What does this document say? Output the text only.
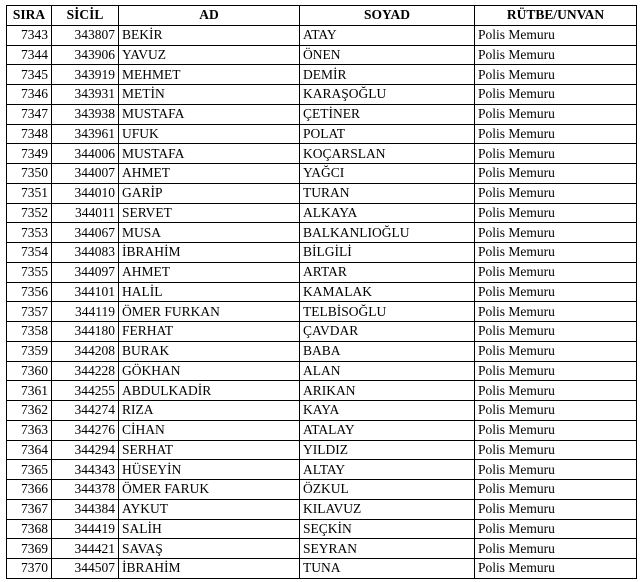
SIRA	SİCİL	AD	SOYAD	RÜTBE/UNVAN
7343	343807	BEKİR	ATAY	Polis Memuru
7344	343906	YAVUZ	ÖNEN	Polis Memuru
7345	343919	MEHMET	DEMİR	Polis Memuru
7346	343931	METİN	KARAŞOĞLU	Polis Memuru
7347	343938	MUSTAFA	ÇETİNER	Polis Memuru
7348	343961	UFUK	POLAT	Polis Memuru
7349	344006	MUSTAFA	KOÇARSLAN	Polis Memuru
7350	344007	AHMET	YAĞCI	Polis Memuru
7351	344010	GARİP	TURAN	Polis Memuru
7352	344011	SERVET	ALKAYA	Polis Memuru
7353	344067	MUSA	BALKANLIOĞLU	Polis Memuru
7354	344083	İBRAHİM	BİLGİLİ	Polis Memuru
7355	344097	AHMET	ARTAR	Polis Memuru
7356	344101	HALİL	KAMALAK	Polis Memuru
7357	344119	ÖMER FURKAN	TELBİSOĞLU	Polis Memuru
7358	344180	FERHAT	ÇAVDAR	Polis Memuru
7359	344208	BURAK	BABA	Polis Memuru
7360	344228	GÖKHAN	ALAN	Polis Memuru
7361	344255	ABDULKADİR	ARIKAN	Polis Memuru
7362	344274	RIZA	KAYA	Polis Memuru
7363	344276	CİHAN	ATALAY	Polis Memuru
7364	344294	SERHAT	YILDIZ	Polis Memuru
7365	344343	HÜSEYİN	ALTAY	Polis Memuru
7366	344378	ÖMER FARUK	ÖZKUL	Polis Memuru
7367	344384	AYKUT	KILAVUZ	Polis Memuru
7368	344419	SALİH	SEÇKİN	Polis Memuru
7369	344421	SAVAŞ	SEYRAN	Polis Memuru
7370	344507	İBRAHİM	TUNA	Polis Memuru
